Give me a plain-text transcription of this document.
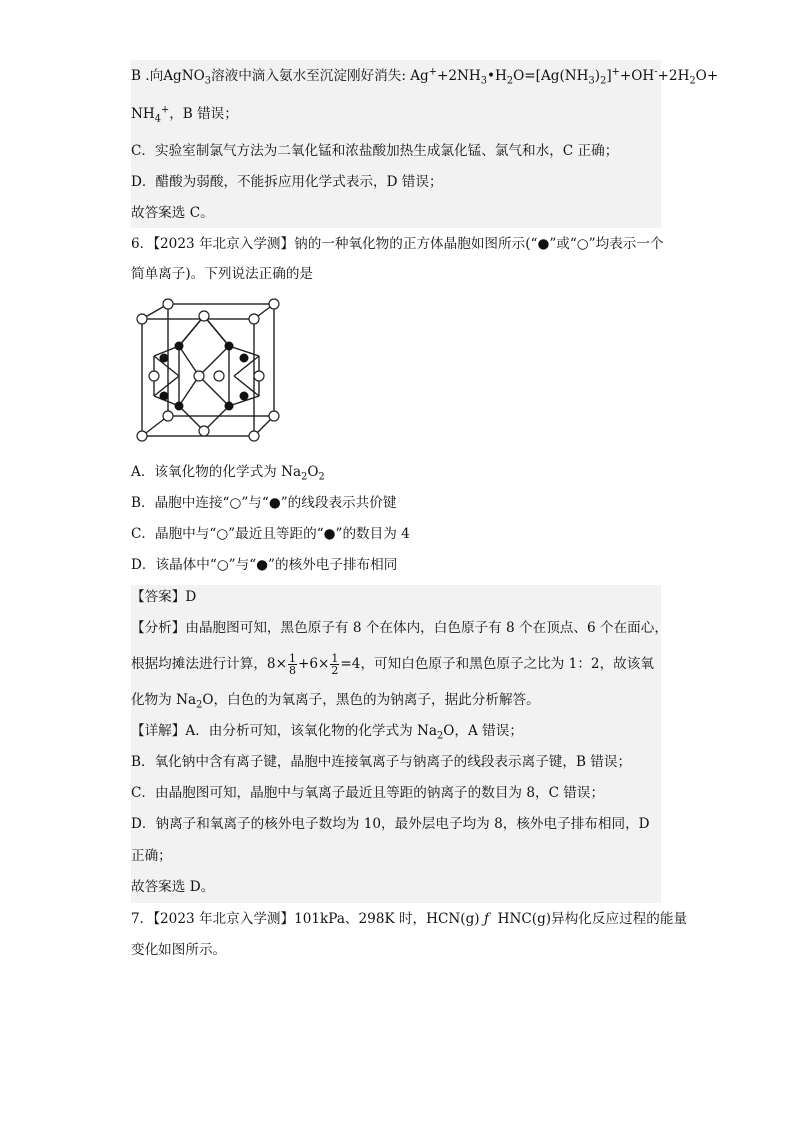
B .向AgNO$_3$溶液中滴入氨水至沉淀刚好消失: $Ag^++2NH_3•H_2O=[Ag(NH_3)_2]^++OH^-+2H_2O+$
$NH_4^+$，B 错误；
C．实验室制氯气方法为二氧化锰和浓盐酸加热生成氯化锰、氯气和水，C 正确；
D．醋酸为弱酸，不能拆应用化学式表示，D 错误；
故答案选 C。
6．【2023 年北京入学测】钠的一种氧化物的正方体晶胞如图所示(“●”或“○”均表示一个
简单离子)。下列说法正确的是
A．该氧化物的化学式为 $Na_2O_2$
B．晶胞中连接“○”与“●”的线段表示共价键
C．晶胞中与“○”最近且等距的“●”的数目为 4
D．该晶体中“○”与“●”的核外电子排布相同
【答案】D
【分析】由晶胞图可知，黑色原子有 8 个在体内，白色原子有 8 个在顶点、6 个在面心，
根据均摊法进行计算，$8\times \frac{1}{8} +6\times \frac{1}{2} =4$，可知白色原子和黑色原子之比为 1：2，故该氧
化物为 $Na_2O$，白色的为氧离子，黑色的为钠离子，据此分析解答。
【详解】A．由分析可知，该氧化物的化学式为 $Na_2O$，A 错误；
B．氧化钠中含有离子键，晶胞中连接氧离子与钠离子的线段表示离子键，B 错误；
C．由晶胞图可知，晶胞中与氧离子最近且等距的钠离子的数目为 8，C 错误；
D．钠离子和氧离子的核外电子数均为 10，最外层电子均为 8，核外电子排布相同，D
正确；
故答案选 D。
7．【2023 年北京入学测】101kPa、298K 时，HCN(g) ƒ HNC(g)异构化反应过程的能量
变化如图所示。
